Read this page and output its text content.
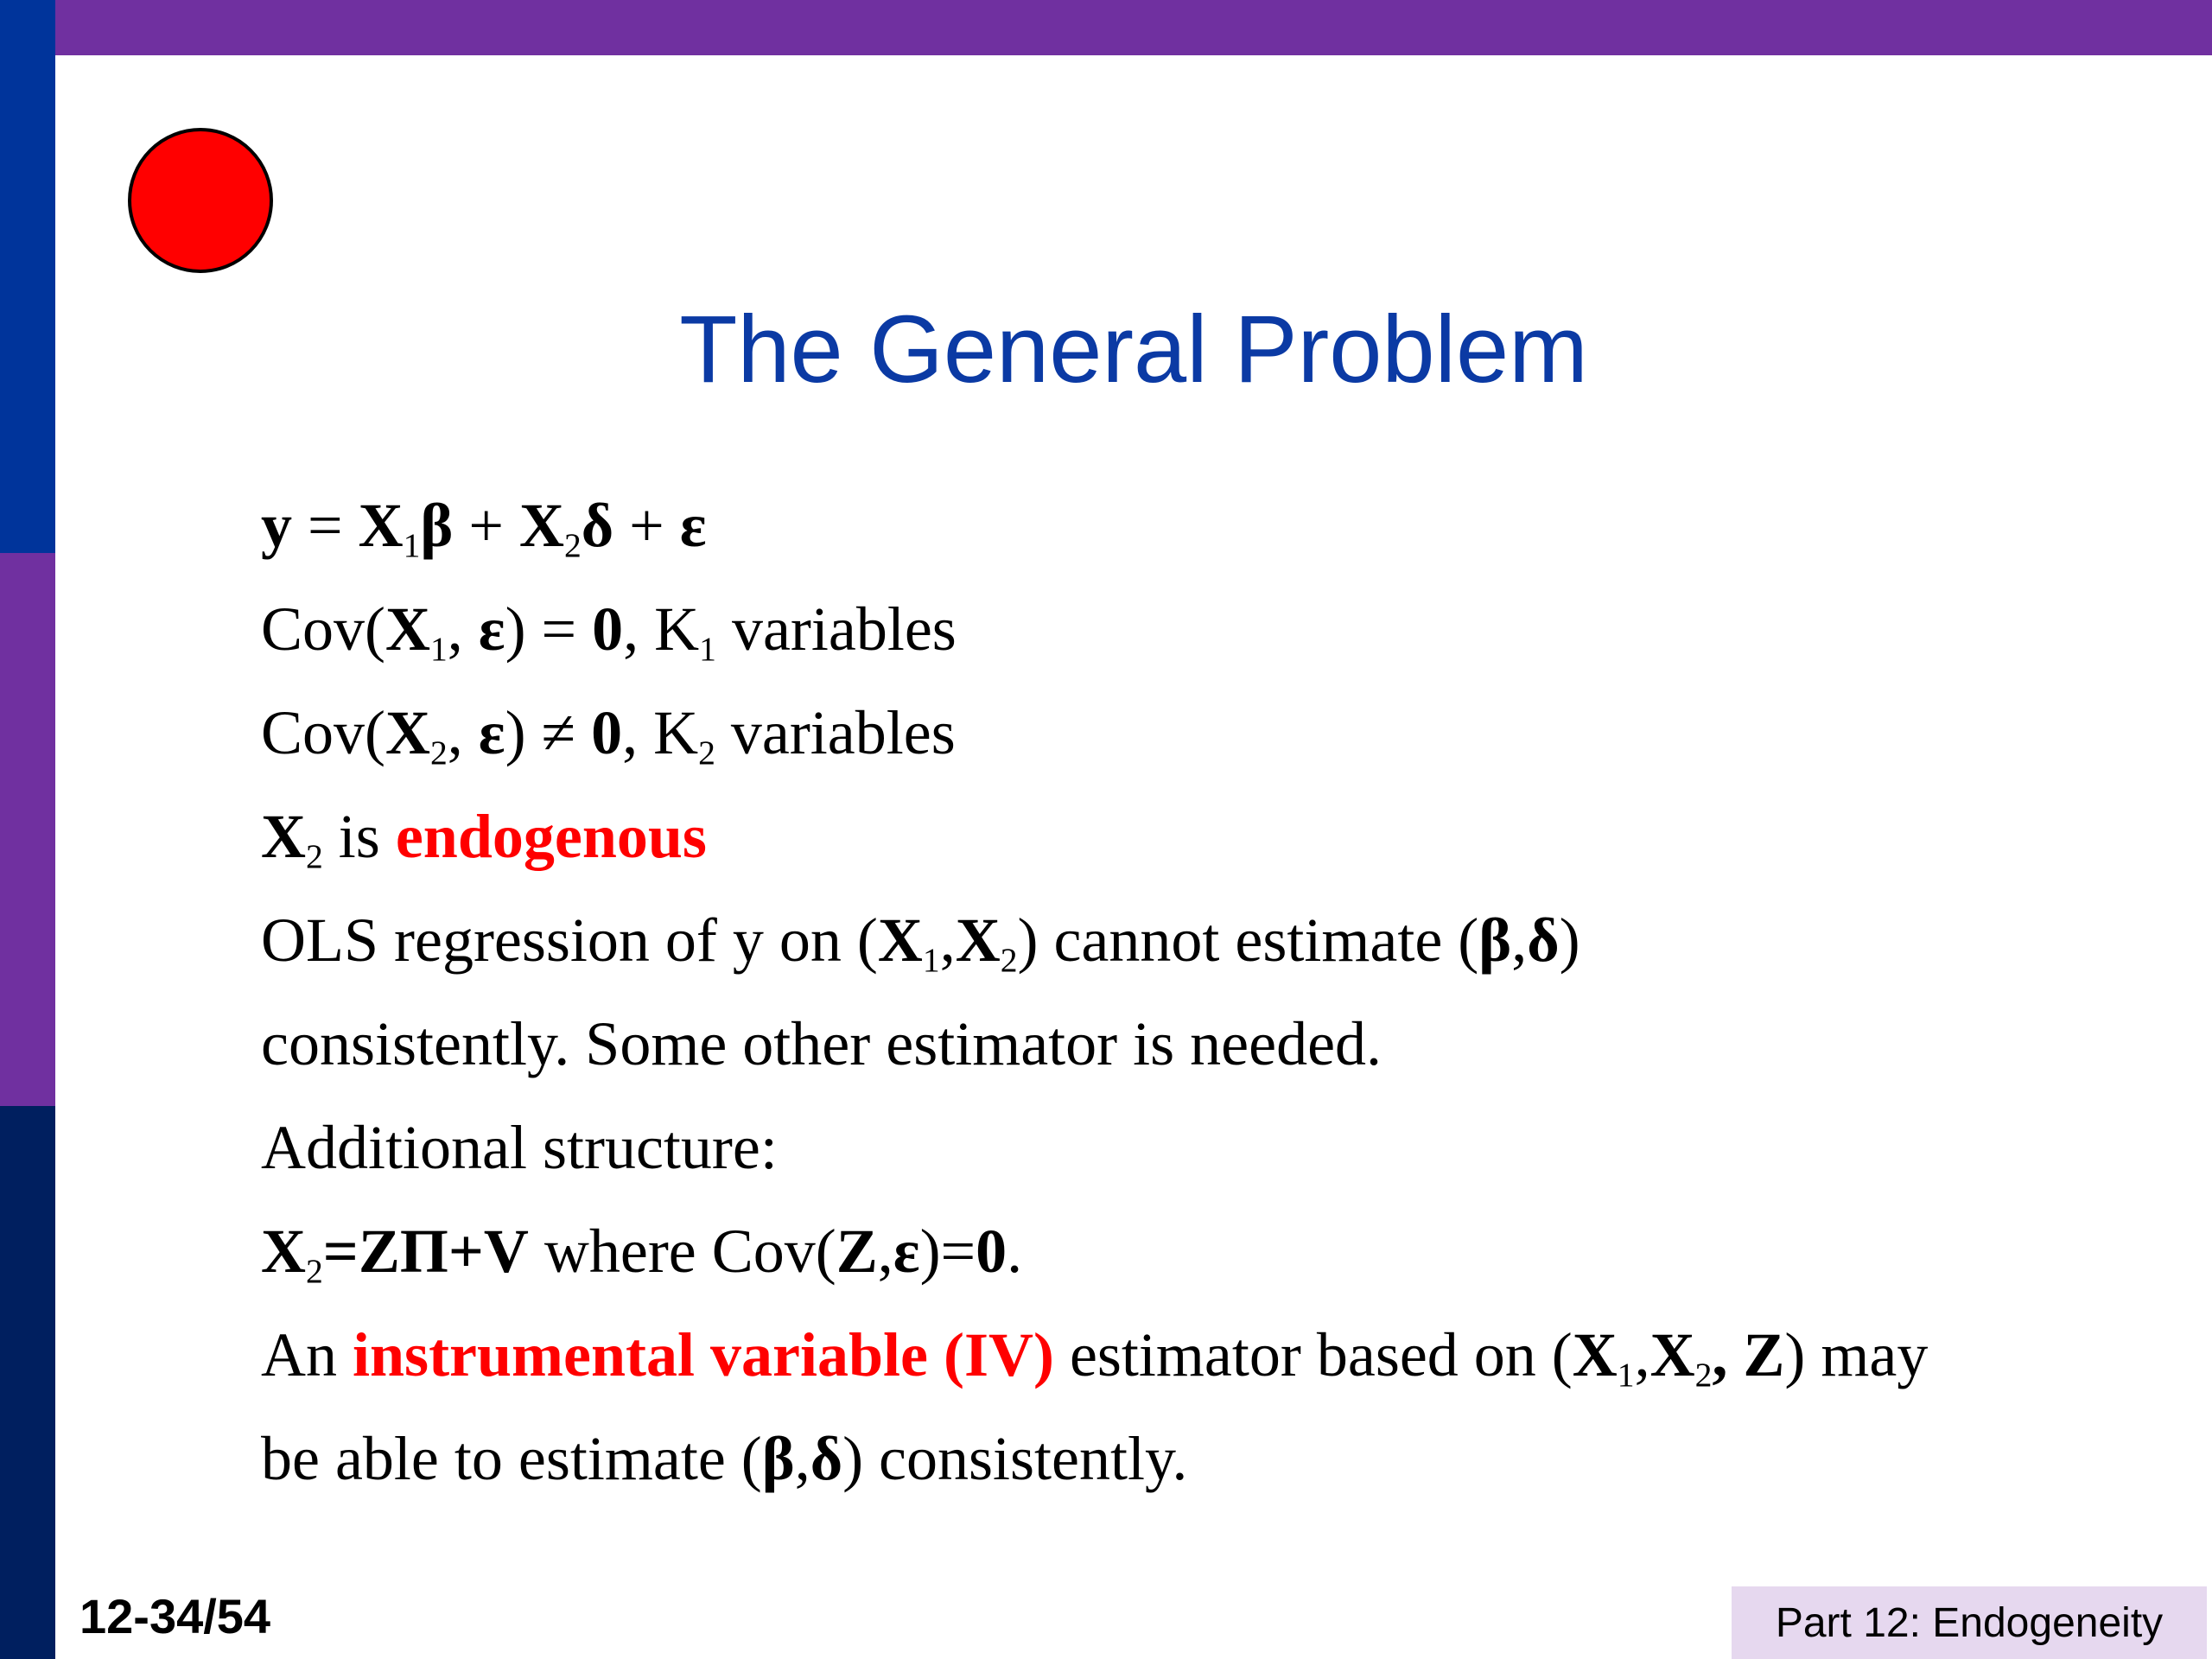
The General Problem
$y = X_1\beta + X_2\delta + \varepsilon$
$Cov(X_1$, ε) = 0, $K_1$ variables
$Cov(X_2$, ε) ≠ 0, $K_2$ variables
$X_2$ is endogenous
OLS regression of y on $(X_1,X_2)$ cannot estimate (β,δ)
consistently. Some other estimator is needed.
Additional structure:
$X_2=Z\Pi+V$ where Cov(Z,ε)=0.
An instrumental variable (IV) estimator based on ($X_1,X_2$, Z) may
be able to estimate (β,δ) consistently.
12-34/54	Part 12: Endogeneity
